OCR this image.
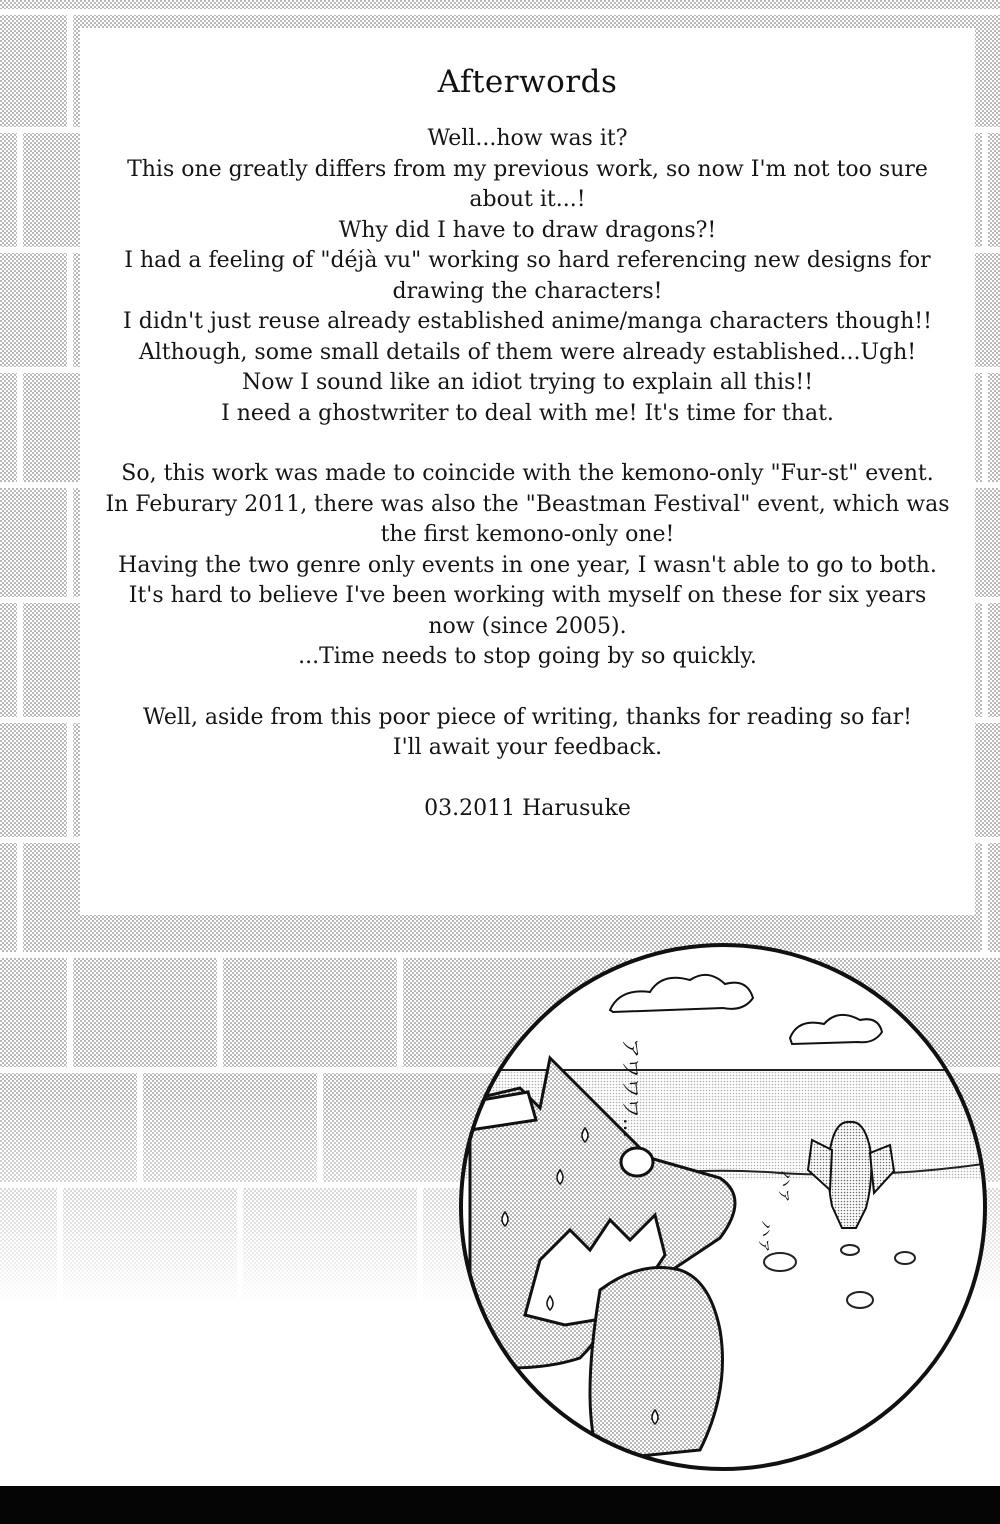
アワワワ…
ハァ
ハァ
Afterwords

Well...how was it?

This one greatly differs from my previous work, so now I'm not too sure

about it...!

Why did I have to draw dragons?!

I had a feeling of "déjà vu" working so hard referencing new designs for

drawing the characters!

I didn't just reuse already established anime/manga characters though!!

Although, some small details of them were already established...Ugh!

Now I sound like an idiot trying to explain all this!!

I need a ghostwriter to deal with me! It's time for that.

So, this work was made to coincide with the kemono-only "Fur-st" event.

In Feburary 2011, there was also the "Beastman Festival" event, which was

the first kemono-only one!

Having the two genre only events in one year, I wasn't able to go to both.

It's hard to believe I've been working with myself on these for six years

now (since 2005).

...Time needs to stop going by so quickly.

Well, aside from this poor piece of writing, thanks for reading so far!

I'll await your feedback.

03.2011 Harusuke
